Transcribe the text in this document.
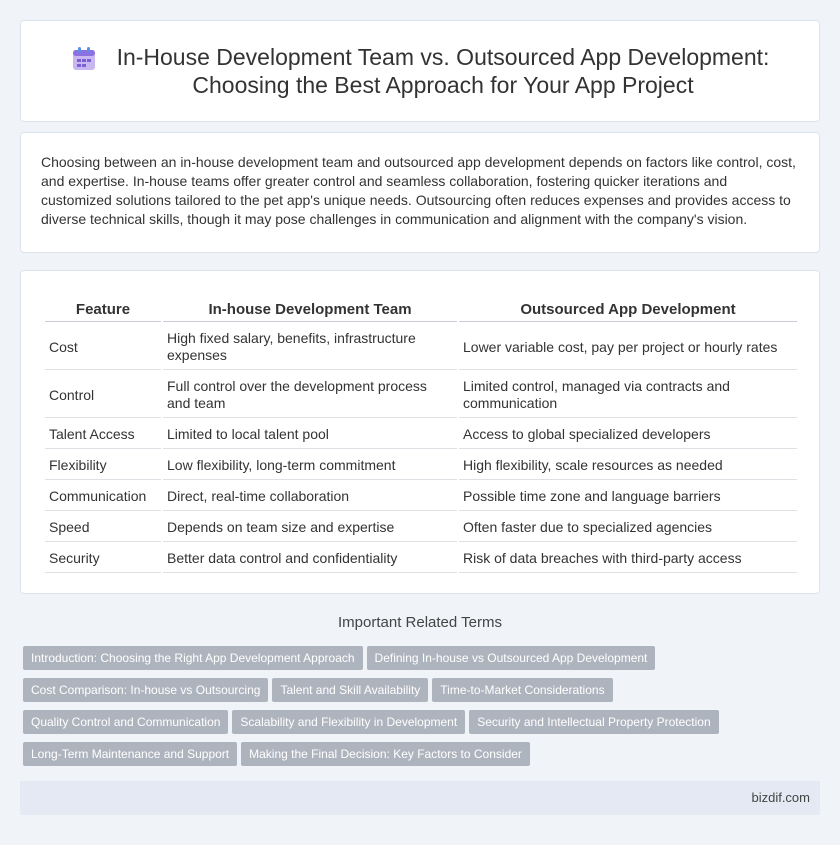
In-House Development Team vs. Outsourced App Development:
Choosing the Best Approach for Your App Project

Choosing between an in-house development team and outsourced app development depends on factors like control, cost, and expertise. In-house teams offer greater control and seamless collaboration, fostering quicker iterations and customized solutions tailored to the pet app's unique needs. Outsourcing often reduces expenses and provides access to diverse technical skills, though it may pose challenges in communication and alignment with the company's vision.

Feature	In-house Development Team	Outsourced App Development
Cost	High fixed salary, benefits, infrastructure expenses	Lower variable cost, pay per project or hourly rates
Control	Full control over the development process and team	Limited control, managed via contracts and communication
Talent Access	Limited to local talent pool	Access to global specialized developers
Flexibility	Low flexibility, long-term commitment	High flexibility, scale resources as needed
Communication	Direct, real-time collaboration	Possible time zone and language barriers
Speed	Depends on team size and expertise	Often faster due to specialized agencies
Security	Better data control and confidentiality	Risk of data breaches with third-party access
Important Related Terms
Introduction: Choosing the Right App Development Approach Defining In-house vs Outsourced App Development
Cost Comparison: In-house vs Outsourcing Talent and Skill Availability Time-to-Market Considerations
Quality Control and Communication Scalability and Flexibility in Development Security and Intellectual Property Protection
Long-Term Maintenance and Support Making the Final Decision: Key Factors to Consider
bizdif.com
